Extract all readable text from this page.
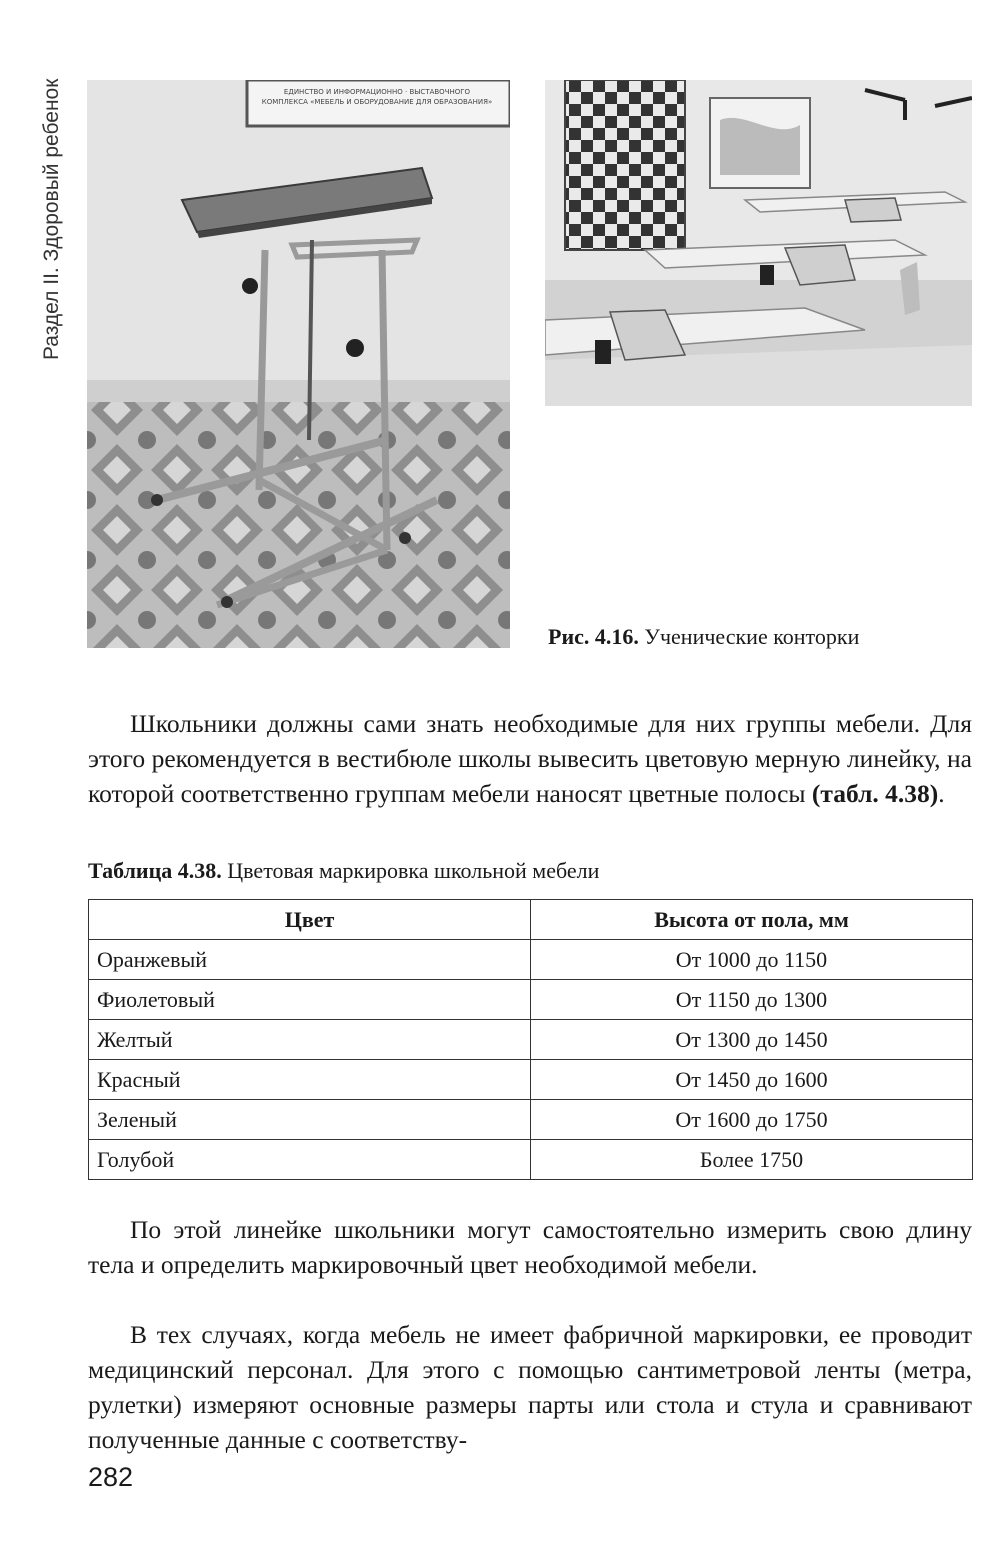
Раздел II. Здоровый ребенок	ЕДИНСТВО И ИНФОРМАЦИОННО · ВЫСТАВОЧНОГО
КОМПЛЕКСА «МЕБЕЛЬ И ОБОРУДОВАНИЕ ДЛЯ ОБРАЗОВАНИЯ»
Рис. 4.16. Ученические конторки

Школьники должны сами знать необходимые для них группы мебели. Для этого рекомендуется в вестибюле школы вывесить цветовую мерную линейку, на которой соответственно группам мебели наносят цветные полосы (табл. 4.38).

Таблица 4.38. Цветовая маркировка школьной мебели
Цвет	Высота от пола, мм
Оранжевый	От 1000 до 1150
Фиолетовый	От 1150 до 1300
Желтый	От 1300 до 1450
Красный	От 1450 до 1600
Зеленый	От 1600 до 1750
Голубой	Более 1750

По этой линейке школьники могут самостоятельно измерить свою длину тела и определить маркировочный цвет необходимой мебели.

В тех случаях, когда мебель не имеет фабричной маркировки, ее проводит медицинский персонал. Для этого с помощью сантиметровой ленты (метра, рулетки) измеряют основные размеры парты или стола и стула и сравнивают полученные данные с соответству-

282
